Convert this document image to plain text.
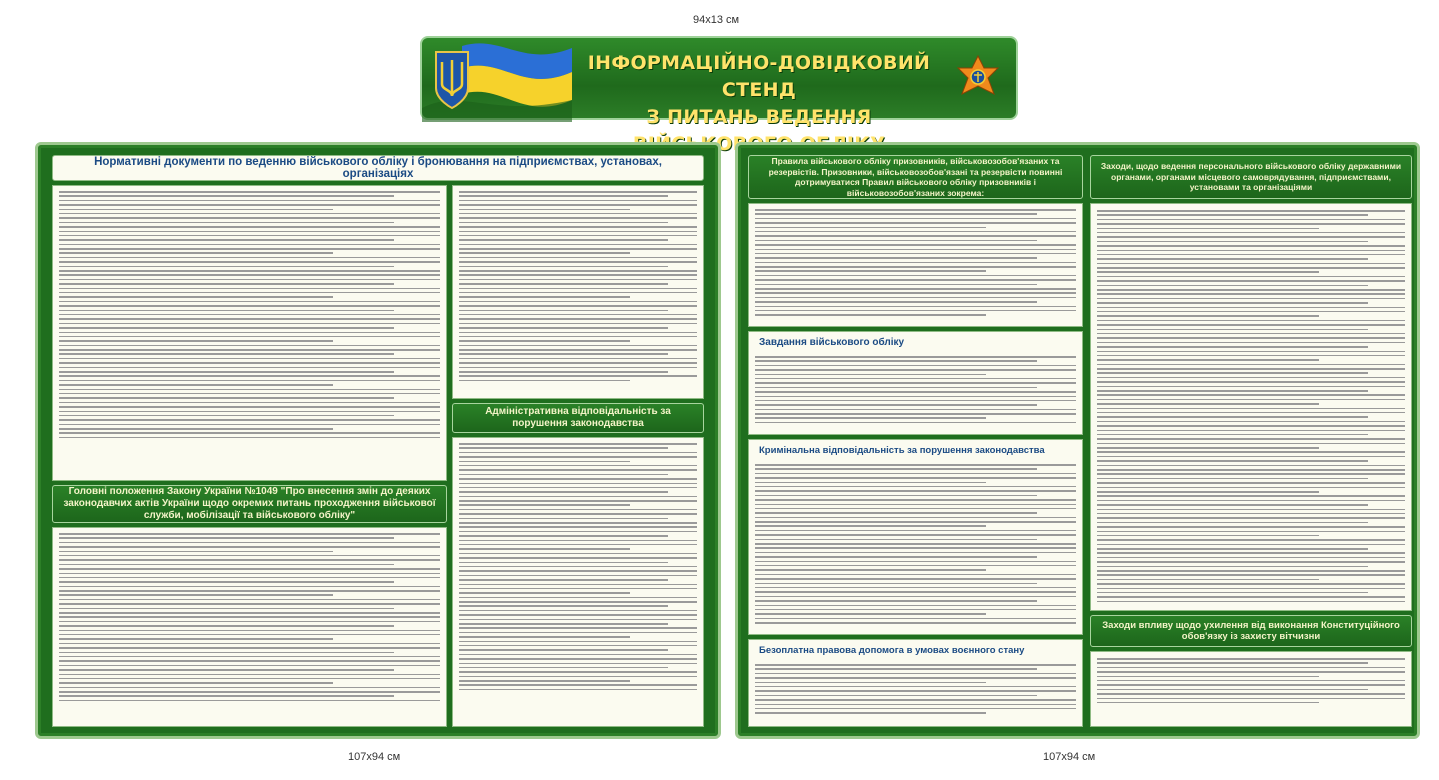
94x13 см
107x94 см	107x94 см
ІНФОРМАЦІЙНО-ДОВІДКОВИЙ СТЕНД
З ПИТАНЬ ВЕДЕННЯ
Нормативні документи по веденню військового обліку і бронювання на підприємствах, установах, організаціях
Адміністративна відповідальність за порушення законодавства
Головні положення Закону України №1049 "Про внесення змін до деяких законодавчих актів України щодо окремих питань проходження військової служби, мобілізації та військового обліку"
Правила військового обліку призовників, військовозобов'язаних та резервістів. Призовники, військовозобов'язані та резервісти повинні дотримуватися Правил військового обліку призовників і військовозобов'язаних зокрема:
Завдання військового обліку
Кримінальна відповідальність за порушення законодавства
Безоплатна правова допомога в умовах воєнного стану
Заходи, щодо ведення персонального військового обліку державними органами, органами місцевого самоврядування, підприємствами, установами та організаціями
Заходи впливу щодо ухилення від виконання Конституційного обов'язку із захисту вітчизни
